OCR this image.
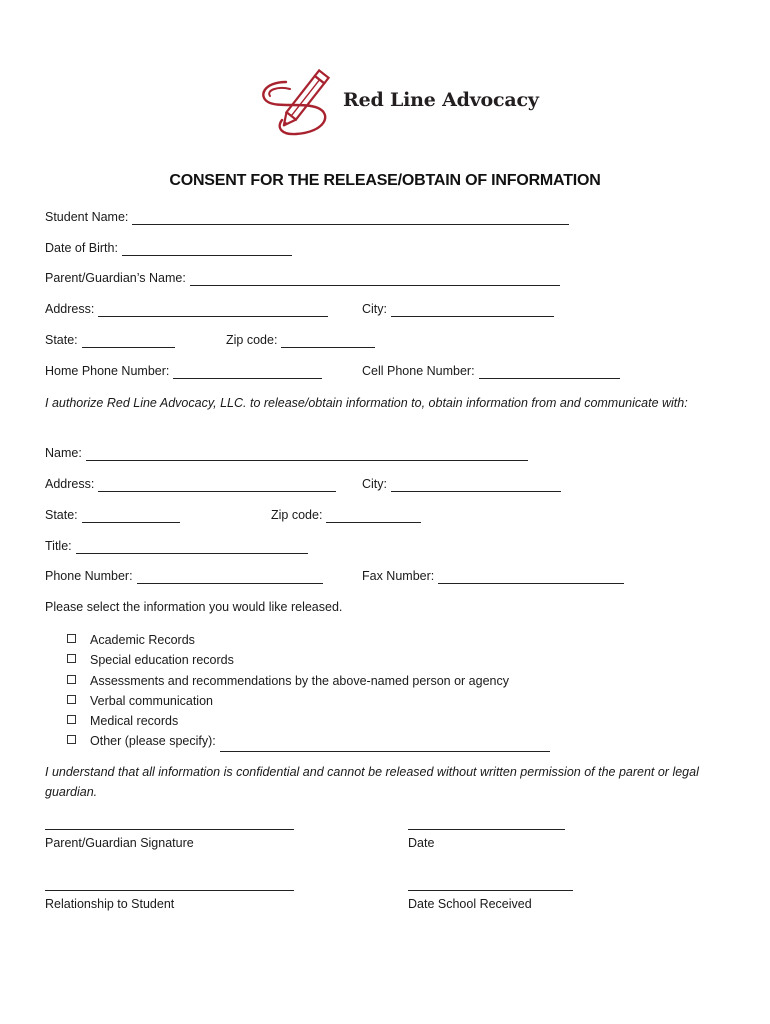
Red Line Advocacy
CONSENT FOR THE RELEASE/OBTAIN OF INFORMATION
Student Name:
Date of Birth:
Parent/Guardian’s Name:
Address:	City:
State:	Zip code:
Home Phone Number:	Cell Phone Number:
I authorize Red Line Advocacy, LLC. to release/obtain information to, obtain information from and communicate with:
Name:
Address:	City:
State:	Zip code:
Title:
Phone Number:	Fax Number:
Please select the information you would like released.
Academic Records
Special education records
Assessments and recommendations by the above-named person or agency
Verbal communication
Medical records
Other (please specify):
I understand that all information is confidential and cannot be released without written permission of the parent or legal guardian.
Parent/Guardian Signature	Date
Relationship to Student	Date School Received
